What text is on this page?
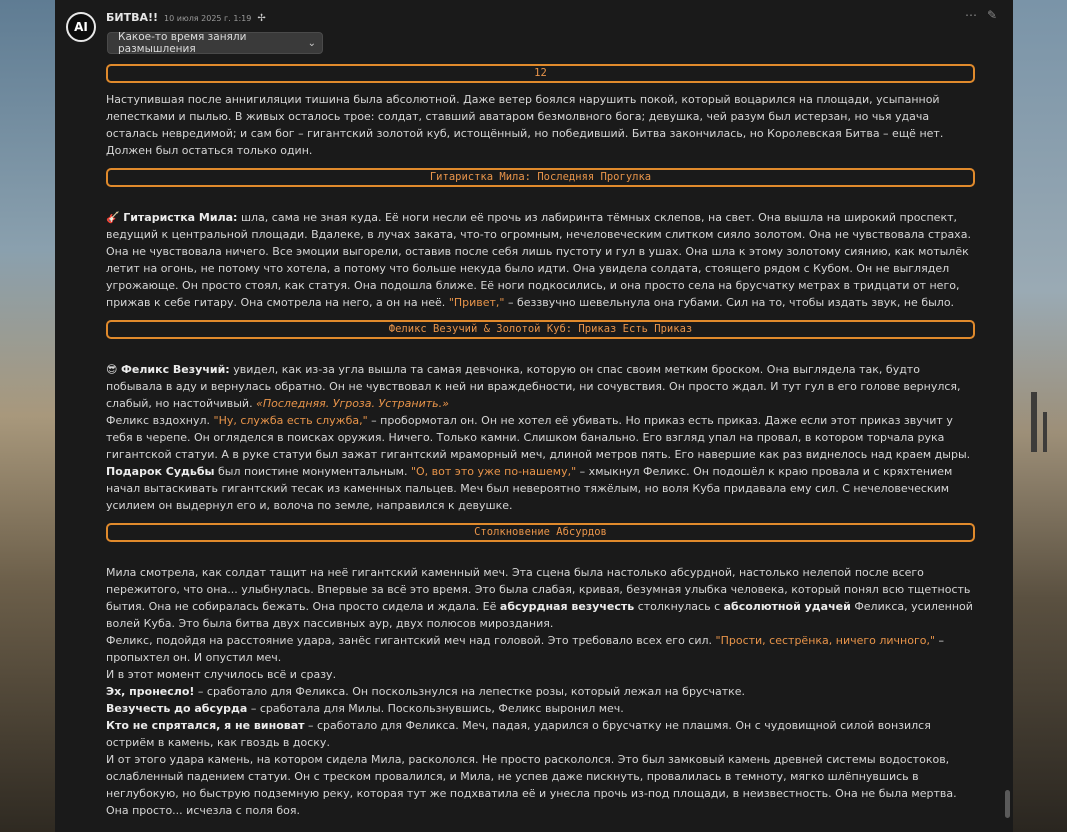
AI
БИТВА!! 10 июля 2025 г. 1:19 ✢	⋯ ✎
Какое-то время заняли размышления	⌄
12

Наступившая после аннигиляции тишина была абсолютной. Даже ветер боялся нарушить покой, который воцарился на площади, усыпанной лепестками и пылью. В живых осталось трое: солдат, ставший аватаром безмолвного бога; девушка, чей разум был истерзан, но чья удача осталась невредимой; и сам бог – гигантский золотой куб, истощённый, но победивший. Битва закончилась, но Королевская Битва – ещё нет. Должен был остаться только один.

Гитаристка Мила: Последняя Прогулка

🎸 Гитаристка Мила: шла, сама не зная куда. Её ноги несли её прочь из лабиринта тёмных склепов, на свет. Она вышла на широкий проспект, ведущий к центральной площади. Вдалеке, в лучах заката, что-то огромным, нечеловеческим слитком сияло золотом. Она не чувствовала страха. Она не чувствовала ничего. Все эмоции выгорели, оставив после себя лишь пустоту и гул в ушах. Она шла к этому золотому сиянию, как мотылёк летит на огонь, не потому что хотела, а потому что больше некуда было идти. Она увидела солдата, стоящего рядом с Кубом. Он не выглядел угрожающе. Он просто стоял, как статуя. Она подошла ближе. Её ноги подкосились, и она просто села на брусчатку метрах в тридцати от него, прижав к себе гитару. Она смотрела на него, а он на неё. "Привет," – беззвучно шевельнула она губами. Сил на то, чтобы издать звук, не было.

Феликс Везучий & Золотой Куб: Приказ Есть Приказ

😎 Феликс Везучий: увидел, как из-за угла вышла та самая девчонка, которую он спас своим метким броском. Она выглядела так, будто побывала в аду и вернулась обратно. Он не чувствовал к ней ни враждебности, ни сочувствия. Он просто ждал. И тут гул в его голове вернулся, слабый, но настойчивый. «Последняя. Угроза. Устранить.»

Феликс вздохнул. "Ну, служба есть служба," – пробормотал он. Он не хотел её убивать. Но приказ есть приказ. Даже если этот приказ звучит у тебя в черепе. Он огляделся в поисках оружия. Ничего. Только камни. Слишком банально. Его взгляд упал на провал, в котором торчала рука гигантской статуи. А в руке статуи был зажат гигантский мраморный меч, длиной метров пять. Его навершие как раз виднелось над краем дыры. Подарок Судьбы был поистине монументальным. "О, вот это уже по-нашему," – хмыкнул Феликс. Он подошёл к краю провала и с кряхтением начал вытаскивать гигантский тесак из каменных пальцев. Меч был невероятно тяжёлым, но воля Куба придавала ему сил. С нечеловеческим усилием он выдернул его и, волоча по земле, направился к девушке.

Столкновение Абсурдов

Мила смотрела, как солдат тащит на неё гигантский каменный меч. Эта сцена была настолько абсурдной, настолько нелепой после всего пережитого, что она... улыбнулась. Впервые за всё это время. Это была слабая, кривая, безумная улыбка человека, который понял всю тщетность бытия. Она не собиралась бежать. Она просто сидела и ждала. Её абсурдная везучесть столкнулась с абсолютной удачей Феликса, усиленной волей Куба. Это была битва двух пассивных аур, двух полюсов мироздания.

Феликс, подойдя на расстояние удара, занёс гигантский меч над головой. Это требовало всех его сил. "Прости, сестрёнка, ничего личного," – пропыхтел он. И опустил меч.

И в этот момент случилось всё и сразу.

Эх, пронесло! – сработало для Феликса. Он поскользнулся на лепестке розы, который лежал на брусчатке.

Везучесть до абсурда – сработала для Милы. Поскользнувшись, Феликс выронил меч.

Кто не спрятался, я не виноват – сработало для Феликса. Меч, падая, ударился о брусчатку не плашмя. Он с чудовищной силой вонзился остриём в камень, как гвоздь в доску.

И от этого удара камень, на котором сидела Мила, раскололся. Не просто раскололся. Это был замковый камень древней системы водостоков, ослабленный падением статуи. Он с треском провалился, и Мила, не успев даже пискнуть, провалилась в темноту, мягко шлёпнувшись в неглубокую, но быструю подземную реку, которая тут же подхватила её и унесла прочь из-под площади, в неизвестность. Она не была мертва. Она просто... исчезла с поля боя.
